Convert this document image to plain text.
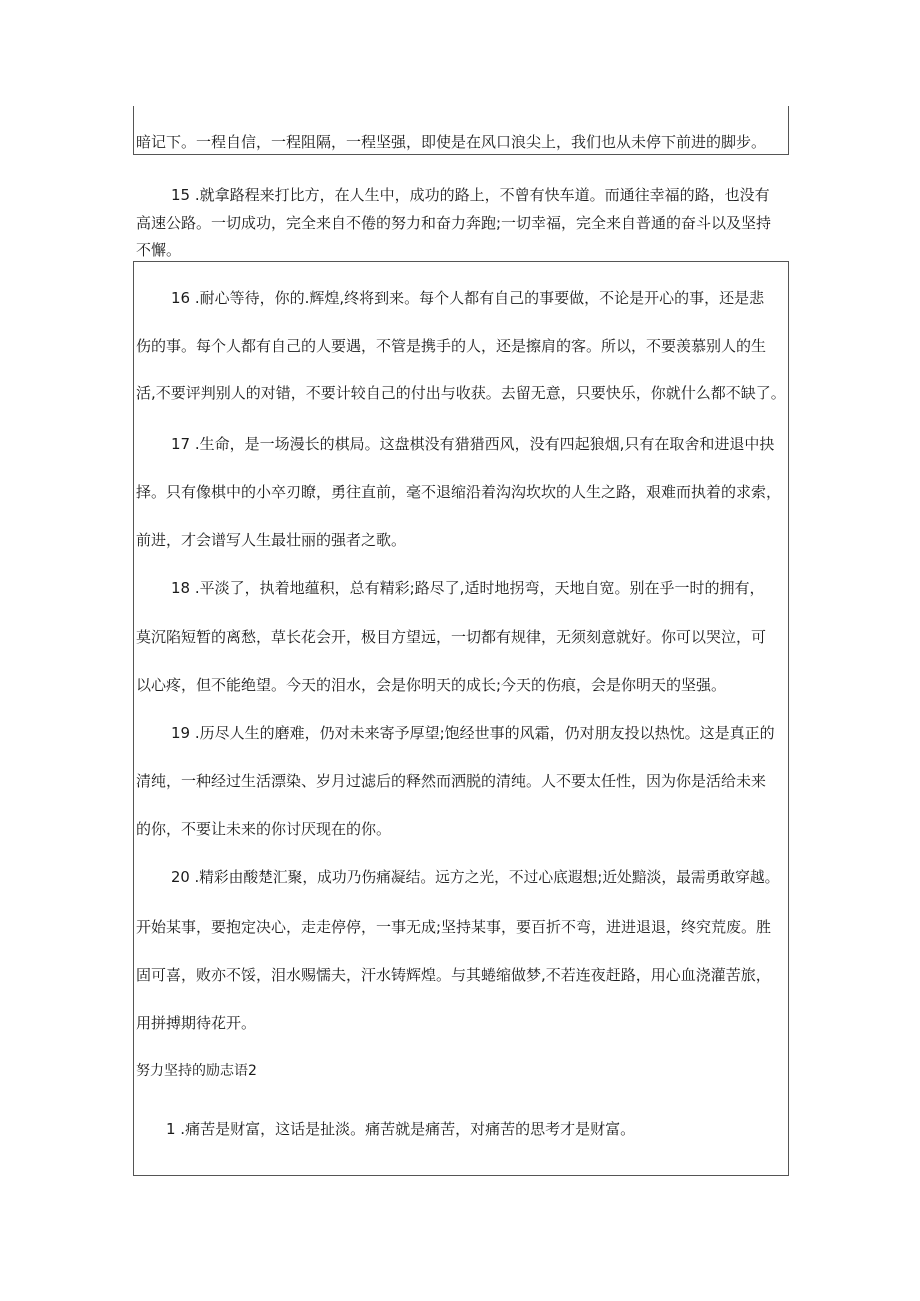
暗记下。一程自信，一程阻隔，一程坚强，即使是在风口浪尖上，我们也从未停下前进的脚步。
15 .就拿路程来打比方，在人生中，成功的路上，不曾有快车道。而通往幸福的路，也没有
高速公路。一切成功，完全来自不倦的努力和奋力奔跑;一切幸福，完全来自普通的奋斗以及坚持
不懈。
16 .耐心等待，你的.辉煌,终将到来。每个人都有自己的事要做，不论是开心的事，还是悲
伤的事。每个人都有自己的人要遇，不管是携手的人，还是擦肩的客。所以，不要羡慕别人的生
活,不要评判别人的对错，不要计较自己的付出与收获。去留无意，只要快乐，你就什么都不缺了。
17 .生命，是一场漫长的棋局。这盘棋没有猎猎西风，没有四起狼烟,只有在取舍和进退中抉
择。只有像棋中的小卒刃瞭，勇往直前，毫不退缩沿着沟沟坎坎的人生之路，艰难而执着的求索，
前进，才会谱写人生最壮丽的强者之歌。
18 .平淡了，执着地蕴积，总有精彩;路尽了,适时地拐弯，天地自宽。别在乎一时的拥有，
莫沉陷短暂的离愁，草长花会开，极目方望远，一切都有规律，无须刻意就好。你可以哭泣，可
以心疼，但不能绝望。今天的泪水，会是你明天的成长;今天的伤痕，会是你明天的坚强。
19 .历尽人生的磨难，仍对未来寄予厚望;饱经世事的风霜，仍对朋友投以热忱。这是真正的
清纯，一种经过生活漂染、岁月过滤后的释然而洒脱的清纯。人不要太任性，因为你是活给未来
的你，不要让未来的你讨厌现在的你。
20 .精彩由酸楚汇聚，成功乃伤痛凝结。远方之光，不过心底遐想;近处黯淡，最需勇敢穿越。
开始某事，要抱定决心，走走停停，一事无成;坚持某事，要百折不弯，进进退退，终究荒废。胜
固可喜，败亦不馁，泪水赐懦夫，汗水铸辉煌。与其蜷缩做梦,不若连夜赶路，用心血浇灌苦旅，
用拼搏期待花开。
努力坚持的励志语2
1 .痛苦是财富，这话是扯淡。痛苦就是痛苦，对痛苦的思考才是财富。
